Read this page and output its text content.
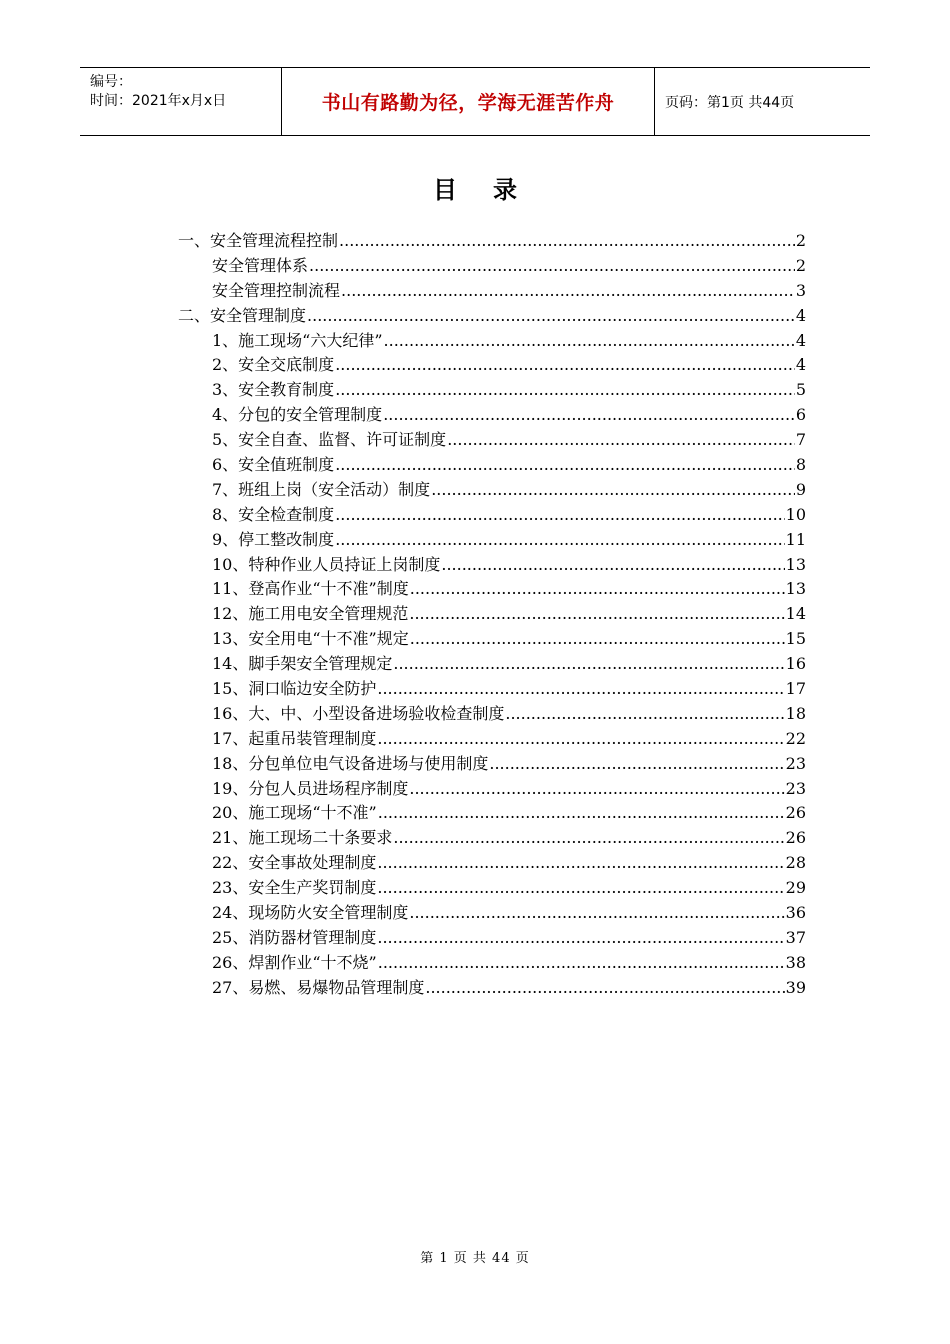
编号：
时间：2021年x月x日	书山有路勤为径，学海无涯苦作舟	页码：第1页 共44页
目录
一、安全管理流程控制 .....	2
安全管理体系 .....	2
安全管理控制流程 .....	3
二、安全管理制度 .....	4
1、施工现场“六大纪律” .....	4
2、安全交底制度 .....	4
3、安全教育制度 .....	5
4、分包的安全管理制度 .....	6
5、安全自查、监督、许可证制度 .....	7
6、安全值班制度 .....	8
7、班组上岗（安全活动）制度 .....	9
8、安全检查制度 .....	10
9、停工整改制度 .....	11
10、特种作业人员持证上岗制度 .....	13
11、登高作业“十不准”制度 .....	13
12、施工用电安全管理规范 .....	14
13、安全用电“十不准”规定 .....	15
14、脚手架安全管理规定 .....	16
15、洞口临边安全防护 .....	17
16、大、中、小型设备进场验收检查制度 .....	18
17、起重吊装管理制度 .....	22
18、分包单位电气设备进场与使用制度 .....	23
19、分包人员进场程序制度 .....	23
20、施工现场“十不准” .....	26
21、施工现场二十条要求 .....	26
22、安全事故处理制度 .....	28
23、安全生产奖罚制度 .....	29
24、现场防火安全管理制度 .....	36
25、消防器材管理制度 .....	37
26、焊割作业“十不烧” .....	38
27、易燃、易爆物品管理制度 .....	39
第 1 页 共 44 页
